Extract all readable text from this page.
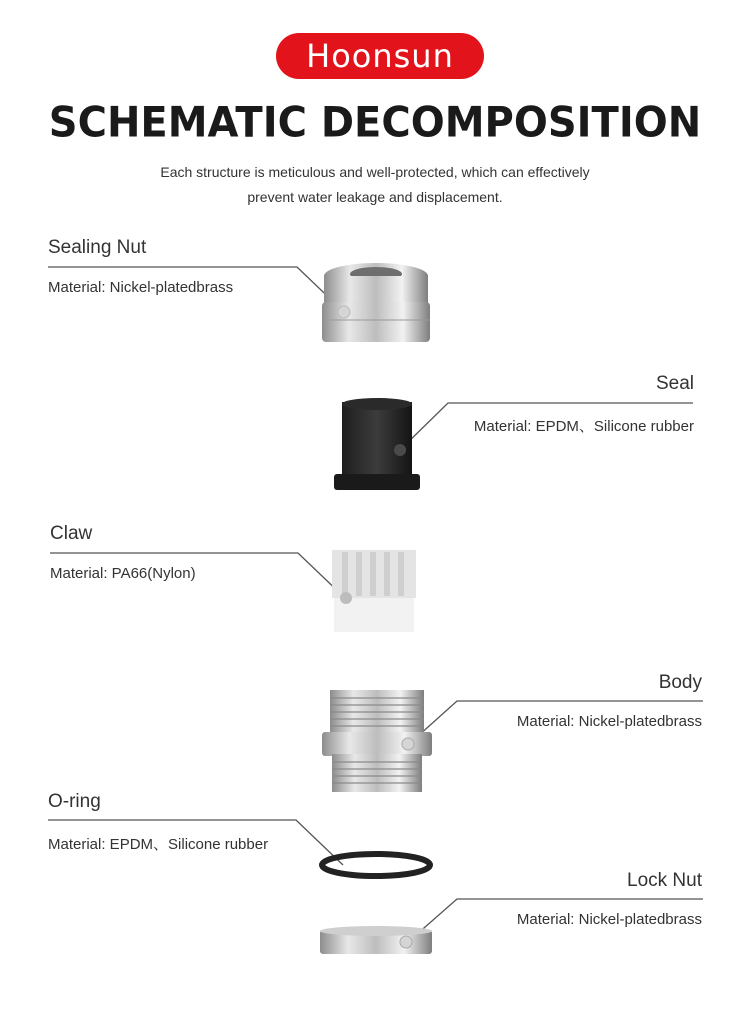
Hoonsun
SCHEMATIC DECOMPOSITION
Each structure is meticulous and well-protected, which can effectively
prevent water leakage and displacement.
Sealing Nut
Material: Nickel-platedbrass
Seal
Material: EPDM、Silicone rubber
Claw
Material: PA66(Nylon)
Body
Material: Nickel-platedbrass
O-ring
Material: EPDM、Silicone rubber
Lock Nut
Material: Nickel-platedbrass
